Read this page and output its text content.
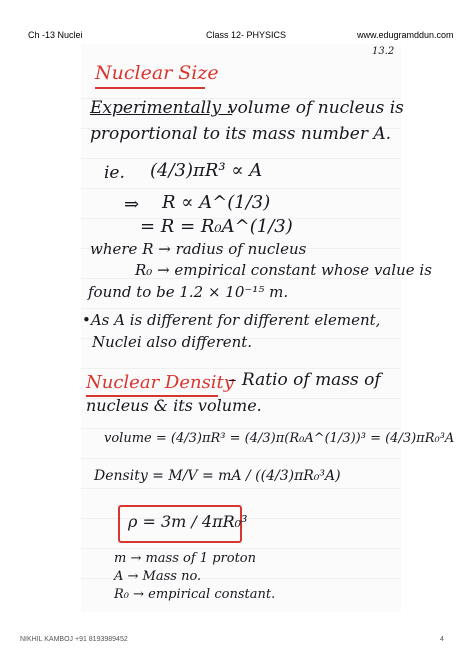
Ch -13 Nuclei	Class 12- PHYSICS	www.edugramddun.com
13.2
Nuclear Size
Experimentally :
volume of nucleus is
proportional to its mass number A.
ie. (4/3)πR³ ∝ A
⇒ R ∝ A^(1/3)
= R = R₀A^(1/3)
where R → radius of nucleus
R₀ → empirical constant whose value is
found to be 1.2 × 10⁻¹⁵ m.
•As A is different for different element,
Nuclei also different.
Nuclear Density
– Ratio of mass of
nucleus & its volume.
volume = (4/3)πR³ = (4/3)π(R₀A^(1/3))³ = (4/3)πR₀³A
Density = M/V = mA / ((4/3)πR₀³A)
ρ = 3m / 4πR₀³
m → mass of 1 proton
A → Mass no.
R₀ → empirical constant.
NIKHIL KAMBOJ +91 8193989452	4
